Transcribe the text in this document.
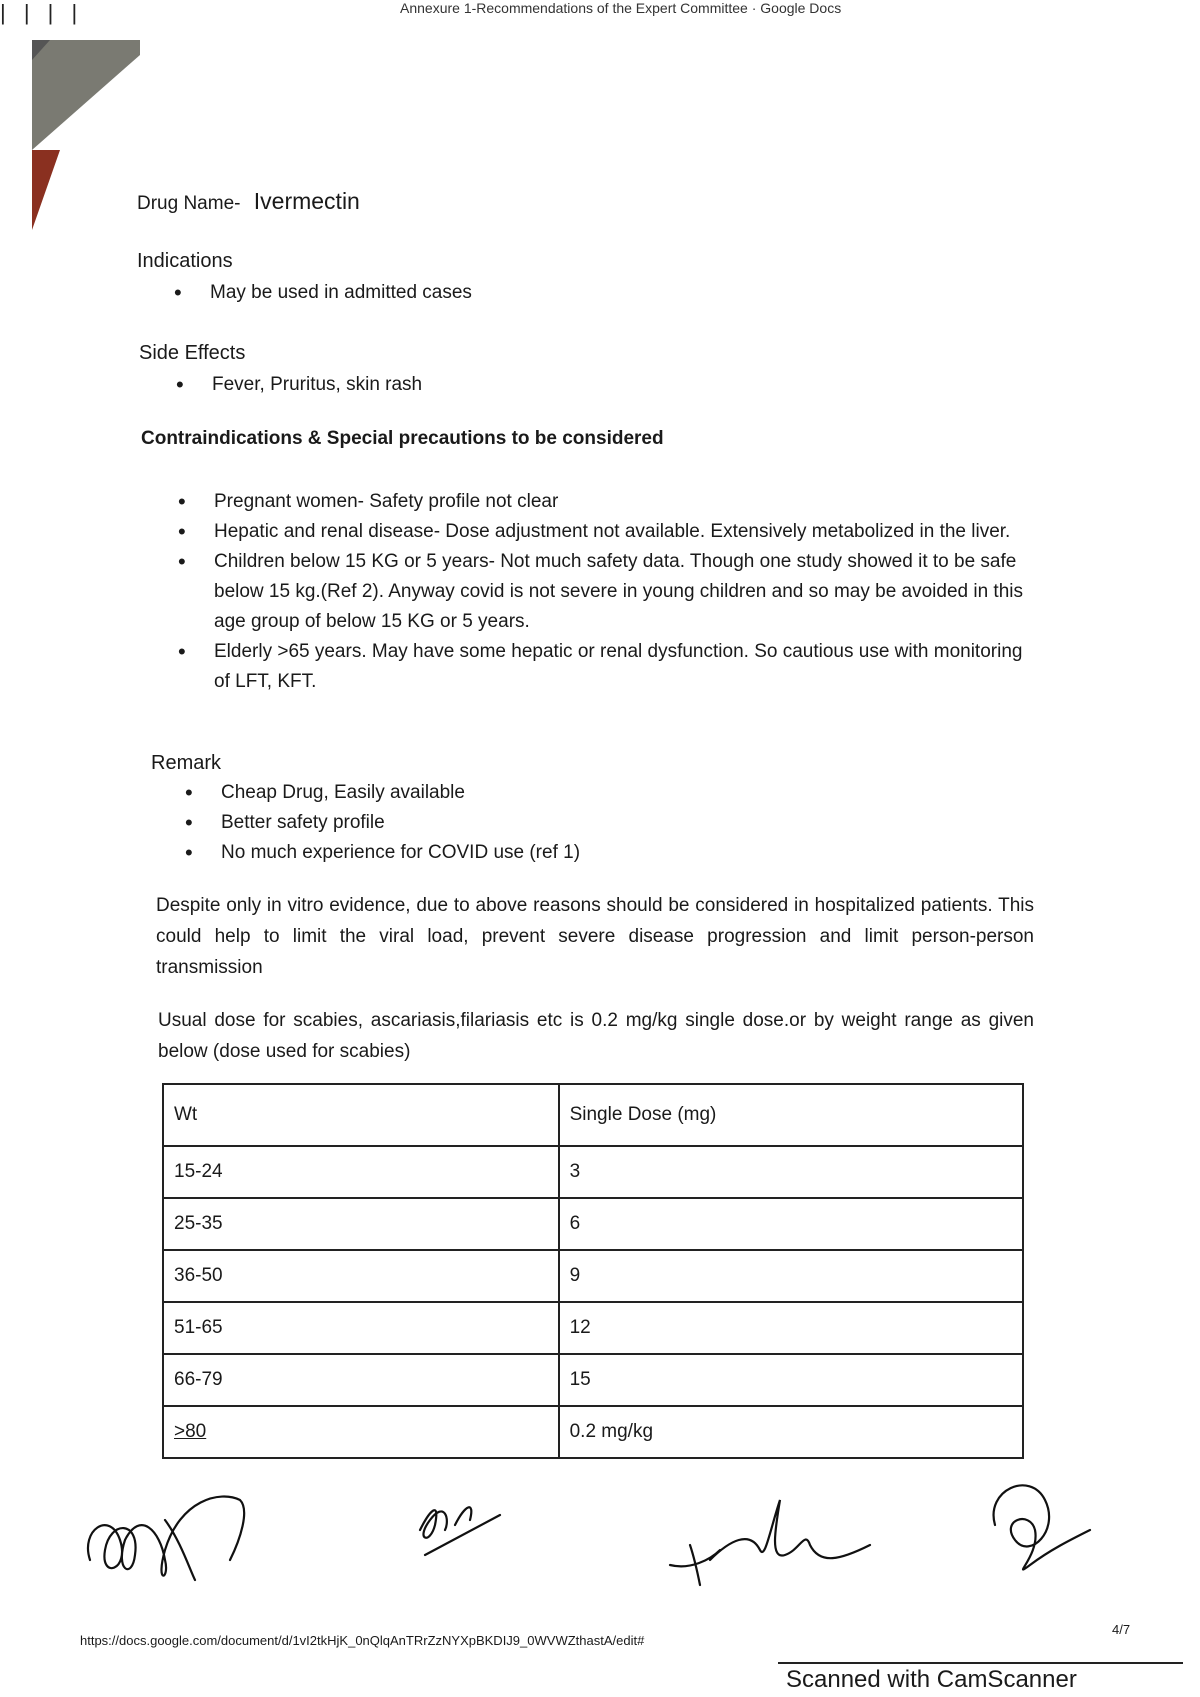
| | | |	Annexure 1-Recommendations of the Expert Committee · Google Docs
Drug Name- Ivermectin
Indications
• May be used in admitted cases
Side Effects
• Fever, Pruritus, skin rash
Contraindications & Special precautions to be considered
• Pregnant women- Safety profile not clear
• Hepatic and renal disease- Dose adjustment not available. Extensively metabolized in the liver.
• Children below 15 KG or 5 years- Not much safety data. Though one study showed it to be safe below 15 kg.(Ref 2). Anyway covid is not severe in young children and so may be avoided in this age group of below 15 KG or 5 years.
• Elderly >65 years. May have some hepatic or renal dysfunction. So cautious use with monitoring of LFT, KFT.
Remark
• Cheap Drug, Easily available
• Better safety profile
• No much experience for COVID use (ref 1)
Despite only in vitro evidence, due to above reasons should be considered in hospitalized patients. This could help to limit the viral load, prevent severe disease progression and limit person-person transmission
Usual dose for scabies, ascariasis,filariasis etc is 0.2 mg/kg single dose.or by weight range as given below (dose used for scabies)
Wt	Single Dose (mg)
15-24	3
25-35	6
36-50	9
51-65	12
66-79	15
>80	0.2 mg/kg
https://docs.google.com/document/d/1vI2tkHjK_0nQlqAnTRrZzNYXpBKDIJ9_0WVWZthastA/edit#
4/7
Scanned with CamScanner
